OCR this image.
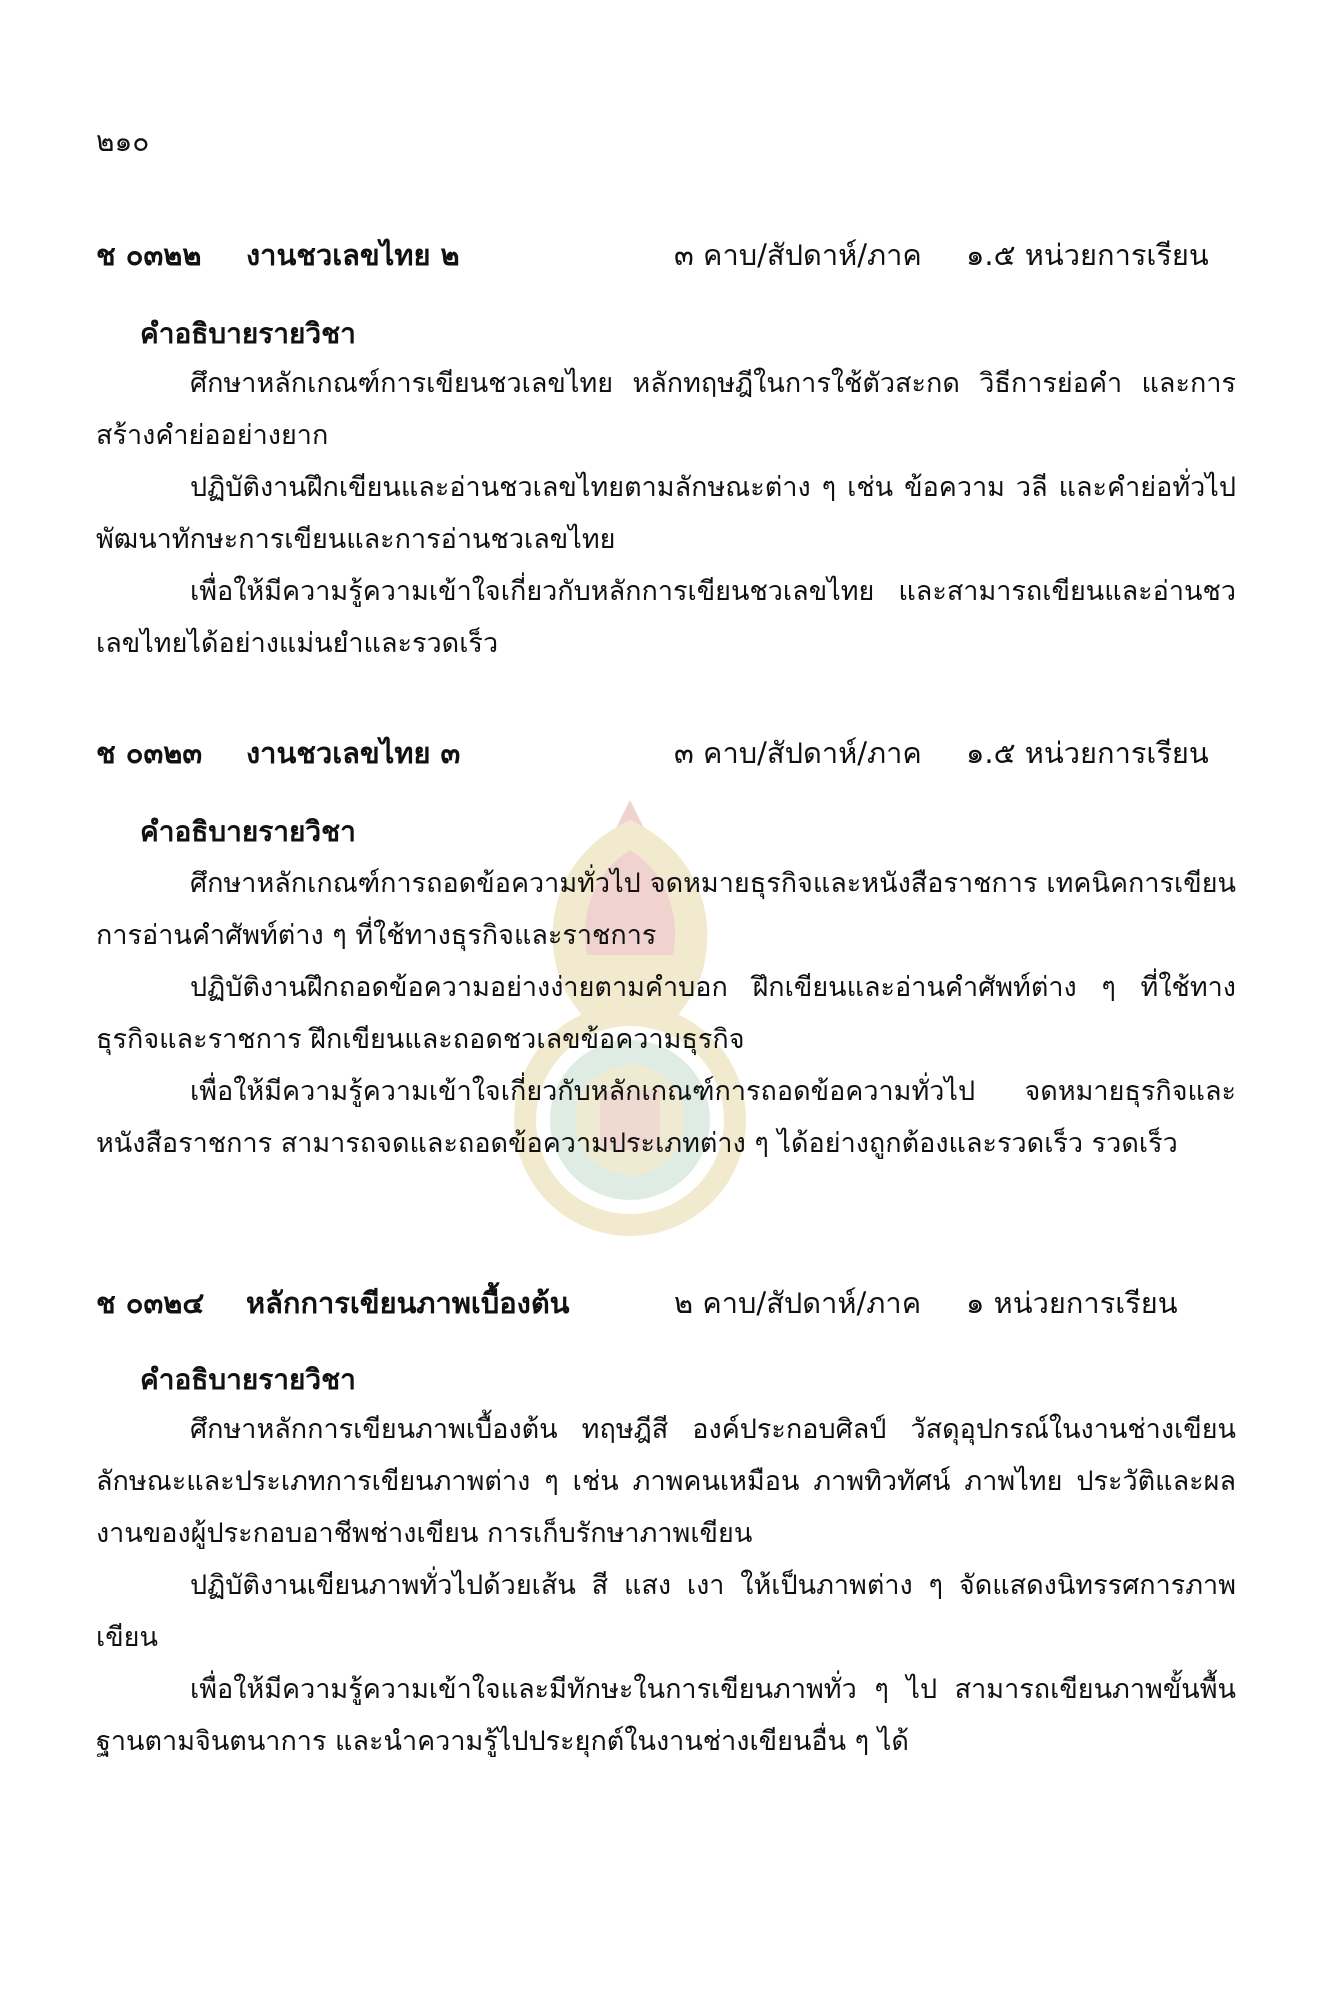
๒๑๐
ช ๐๓๒๒ งานชวเลขไทย ๒	๓ คาบ/สัปดาห์/ภาค ๑.๕ หน่วยการเรียน
คำอธิบายรายวิชา

ศึกษาหลักเกณฑ์การเขียนชวเลขไทย หลักทฤษฎีในการใช้ตัวสะกด วิธีการย่อคำ และการสร้างคำย่ออย่างยาก

ปฏิบัติงานฝึกเขียนและอ่านชวเลขไทยตามลักษณะต่าง ๆ เช่น ข้อความ วลี และคำย่อทั่วไป พัฒนาทักษะการเขียนและการอ่านชวเลขไทย

เพื่อให้มีความรู้ความเข้าใจเกี่ยวกับหลักการเขียนชวเลขไทย และสามารถเขียนและอ่านชวเลขไทยได้อย่างแม่นยำและรวดเร็ว

ช ๐๓๒๓ งานชวเลขไทย ๓	๓ คาบ/สัปดาห์/ภาค ๑.๕ หน่วยการเรียน
คำอธิบายรายวิชา

ศึกษาหลักเกณฑ์การถอดข้อความทั่วไป จดหมายธุรกิจและหนังสือราชการ เทคนิคการเขียนการอ่านคำศัพท์ต่าง ๆ ที่ใช้ทางธุรกิจและราชการ

ปฏิบัติงานฝึกถอดข้อความอย่างง่ายตามคำบอก ฝึกเขียนและอ่านคำศัพท์ต่าง ๆ ที่ใช้ทางธุรกิจและราชการ ฝึกเขียนและถอดชวเลขข้อความธุรกิจ

เพื่อให้มีความรู้ความเข้าใจเกี่ยวกับหลักเกณฑ์การถอดข้อความทั่วไป จดหมายธุรกิจและหนังสือราชการ สามารถจดและถอดข้อความประเภทต่าง ๆ ได้อย่างถูกต้องและรวดเร็ว รวดเร็ว

ช ๐๓๒๔ หลักการเขียนภาพเบื้องต้น	๒ คาบ/สัปดาห์/ภาค ๑ หน่วยการเรียน
คำอธิบายรายวิชา

ศึกษาหลักการเขียนภาพเบื้องต้น ทฤษฎีสี องค์ประกอบศิลป์ วัสดุอุปกรณ์ในงานช่างเขียน ลักษณะและประเภทการเขียนภาพต่าง ๆ เช่น ภาพคนเหมือน ภาพทิวทัศน์ ภาพไทย ประวัติและผลงานของผู้ประกอบอาชีพช่างเขียน การเก็บรักษาภาพเขียน

ปฏิบัติงานเขียนภาพทั่วไปด้วยเส้น สี แสง เงา ให้เป็นภาพต่าง ๆ จัดแสดงนิทรรศการภาพเขียน

เพื่อให้มีความรู้ความเข้าใจและมีทักษะในการเขียนภาพทั่ว ๆ ไป สามารถเขียนภาพขั้นพื้นฐานตามจินตนาการ และนำความรู้ไปประยุกต์ในงานช่างเขียนอื่น ๆ ได้
